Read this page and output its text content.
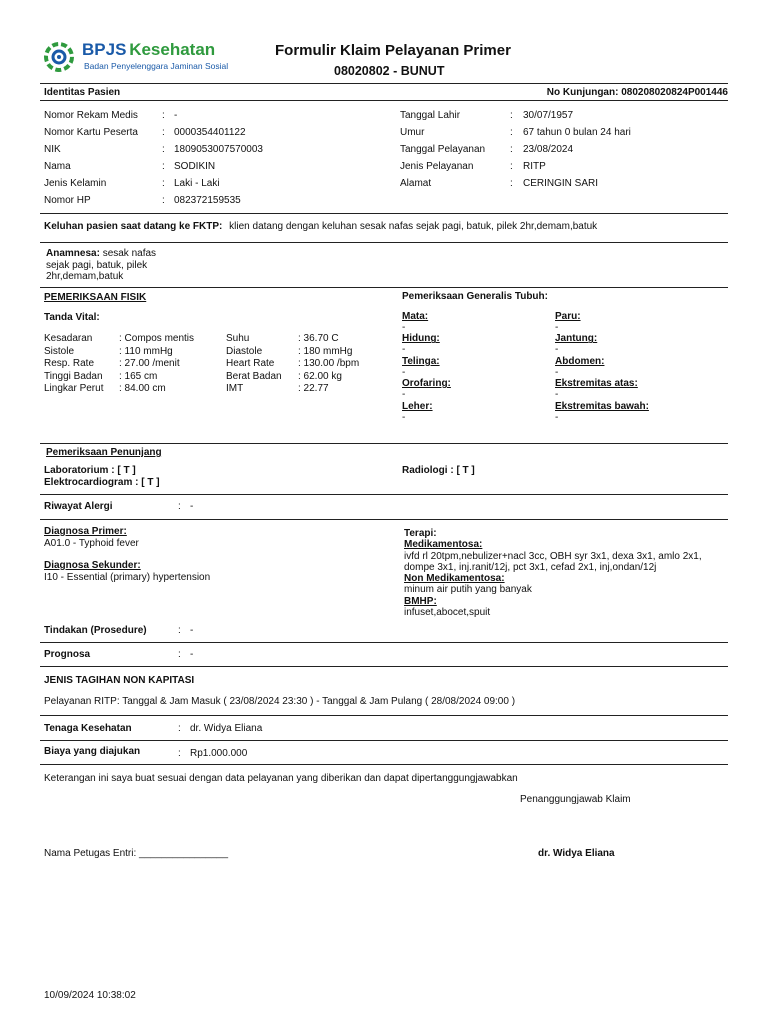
BPJS Kesehatan
Badan Penyelenggara Jaminan Sosial
Formulir Klaim Pelayanan Primer
08020802 - BUNUT
Identitas Pasien	No Kunjungan: 080208020824P001446
Nomor Rekam Medis : -
Nomor Kartu Peserta : 0000354401122
NIK	: 1809053007570003
Nama	: SODIKIN
Jenis Kelamin	: Laki - Laki
Nomor HP	: 082372159535
Tanggal Lahir	: 30/07/1957
Umur	: 67 tahun 0 bulan 24 hari
Tanggal Pelayanan : 23/08/2024
Jenis Pelayanan	: RITP
Alamat	: CERINGIN SARI
Keluhan pasien saat datang ke FKTP: klien datang dengan keluhan sesak nafas sejak pagi, batuk, pilek 2hr,demam,batuk
Anamnesa: sesak nafas
sejak pagi, batuk, pilek
2hr,demam,batuk
PEMERIKSAAN FISIK	Pemeriksaan Generalis Tubuh:
Tanda Vital:
Kesadaran	: Compos mentis
Sistole	: 110 mmHg
Resp. Rate : 27.00 /menit
Tinggi Badan : 165 cm
Lingkar Perut : 84.00 cm
Suhu	: 36.70 C
Diastole	: 180 mmHg
Heart Rate : 130.00 /bpm
Berat Badan : 62.00 kg
IMT	: 22.77
Mata:
-
Hidung:
-
Telinga:
-
Orofaring:
-
Leher:
-
Paru:
-
Jantung:
-
Abdomen:
-
Ekstremitas atas:
-
Ekstremitas bawah:
-
Pemeriksaan Penunjang
Laboratorium : [ T ]
Elektrocardiogram : [ T ]
Radiologi : [ T ]
Riwayat Alergi	: -
Diagnosa Primer:
A01.0 - Typhoid fever
Diagnosa Sekunder:
I10 - Essential (primary) hypertension
Terapi:
Medikamentosa:
ivfd rl 20tpm,nebulizer+nacl 3cc, OBH syr 3x1, dexa 3x1, amlo 2x1,
dompe 3x1, inj.ranit/12j, pct 3x1, cefad 2x1, inj,ondan/12j
Non Medikamentosa:
minum air putih yang banyak
BMHP:
infuset,abocet,spuit
Tindakan (Prosedure)	: -
Prognosa	: -
JENIS TAGIHAN NON KAPITASI
Pelayanan RITP: Tanggal & Jam Masuk ( 23/08/2024 23:30 ) - Tanggal & Jam Pulang ( 28/08/2024 09:00 )
Tenaga Kesehatan	: dr. Widya Eliana
Biaya yang diajukan	: Rp1.000.000
Keterangan ini saya buat sesuai dengan data pelayanan yang diberikan dan dapat dipertanggungjawabkan
Penanggungjawab Klaim
Nama Petugas Entri: ________________	dr. Widya Eliana
10/09/2024 10:38:02
